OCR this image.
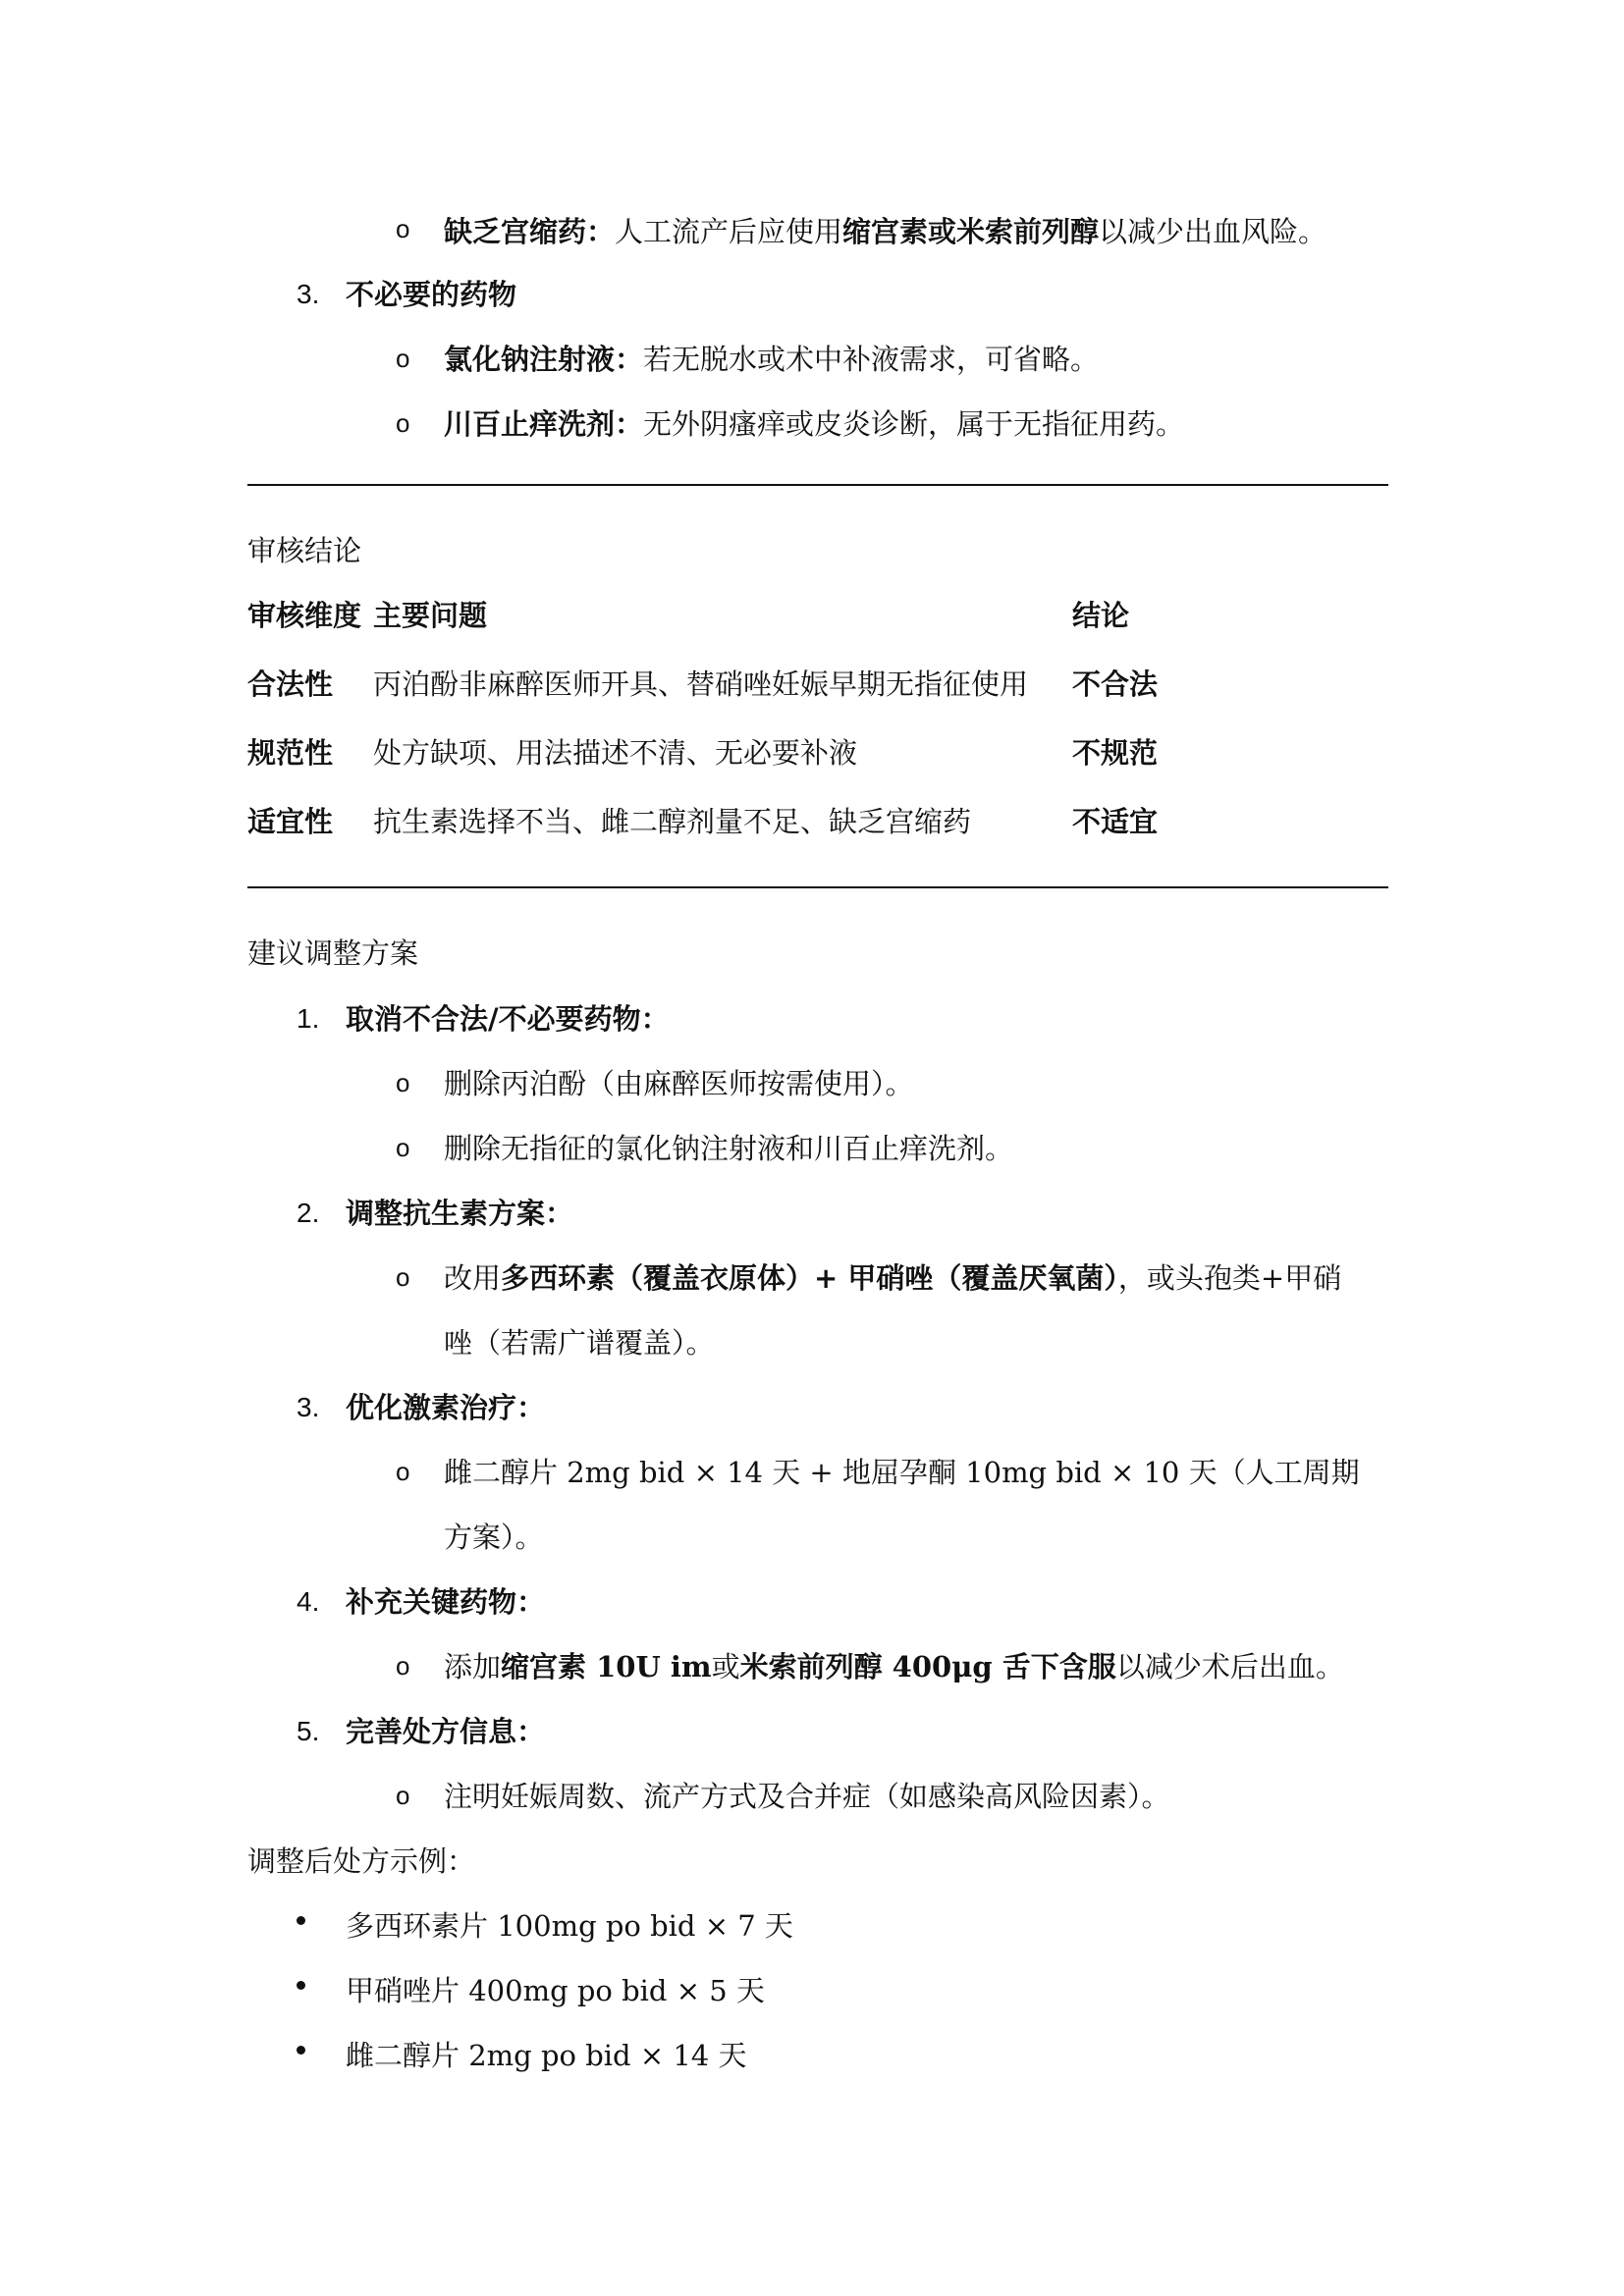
o 缺乏宫缩药：人工流产后应使用缩宫素或米索前列醇以减少出血风险。
3. 不必要的药物
o 氯化钠注射液：若无脱水或术中补液需求，可省略。
o 川百止痒洗剂：无外阴瘙痒或皮炎诊断，属于无指征用药。
审核结论
审核维度 主要问题	结论
合法性 丙泊酚非麻醉医师开具、替硝唑妊娠早期无指征使用 不合法
规范性 处方缺项、用法描述不清、无必要补液	不规范
适宜性 抗生素选择不当、雌二醇剂量不足、缺乏宫缩药	不适宜
建议调整方案
1. 取消不合法/不必要药物：
o 删除丙泊酚（由麻醉医师按需使用）。
o 删除无指征的氯化钠注射液和川百止痒洗剂。
2. 调整抗生素方案：
o 改用多西环素（覆盖衣原体）+ 甲硝唑（覆盖厌氧菌），或头孢类+甲硝
唑（若需广谱覆盖）。
3. 优化激素治疗：
o 雌二醇片 2mg bid × 14 天 + 地屈孕酮 10mg bid × 10 天（人工周期
方案）。
4. 补充关键药物：
o 添加缩宫素 10U im或米索前列醇 400μg 舌下含服以减少术后出血。
5. 完善处方信息：
o 注明妊娠周数、流产方式及合并症（如感染高风险因素）。
调整后处方示例：
多西环素片 100mg po bid × 7 天
甲硝唑片 400mg po bid × 5 天
雌二醇片 2mg po bid × 14 天
